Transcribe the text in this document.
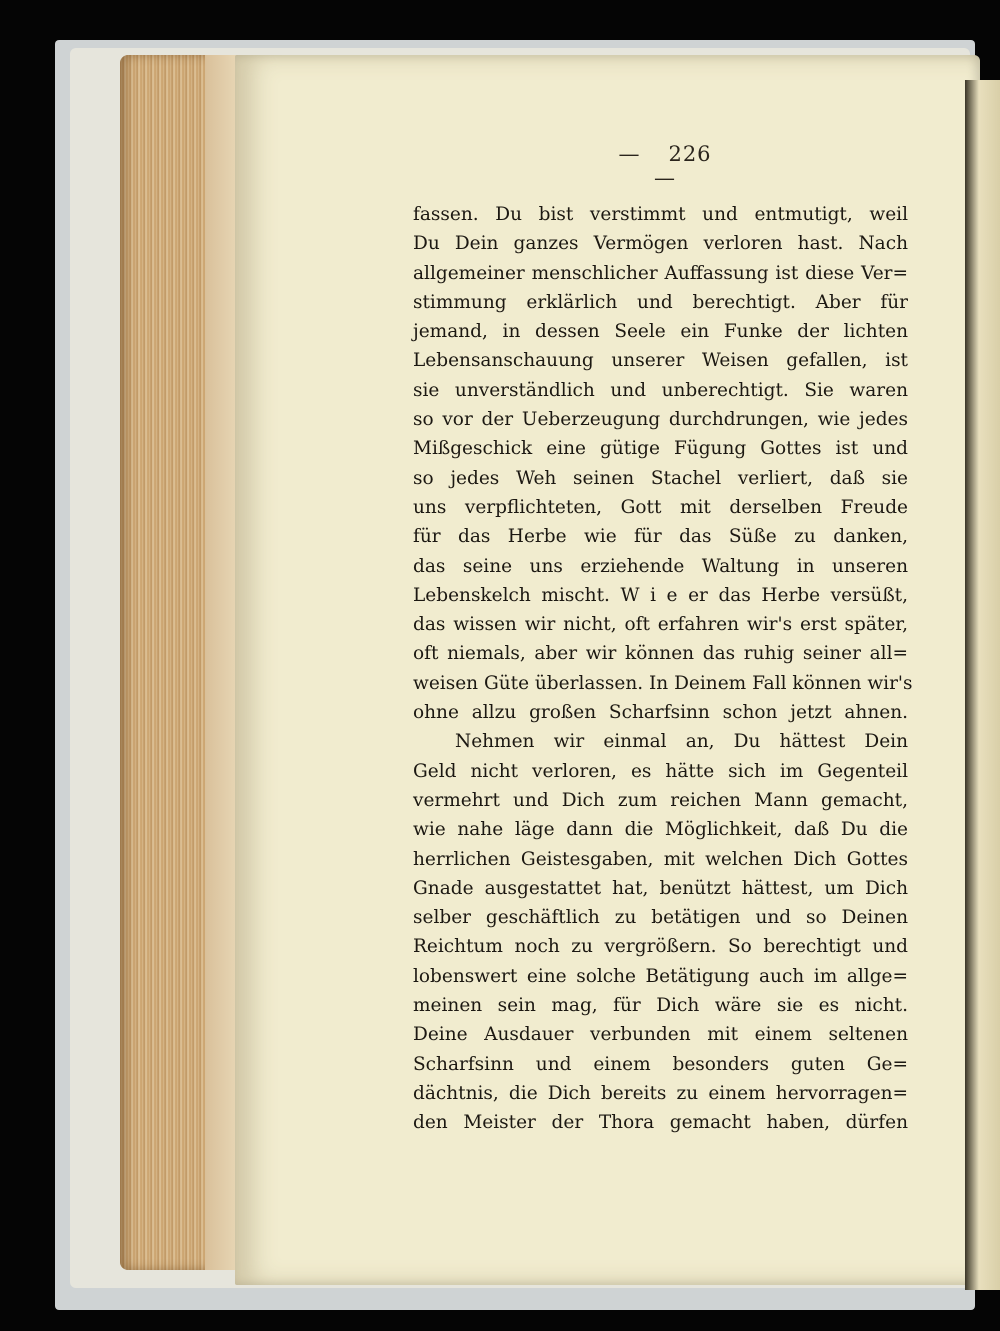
— 226—
fassen. Du bist verstimmt und entmutigt, weil
Du Dein ganzes Vermögen verloren hast. Nach
allgemeiner menschlicher Auffassung ist diese Ver=
stimmung erklärlich und berechtigt. Aber für
jemand, in dessen Seele ein Funke der lichten
Lebensanschauung unserer Weisen gefallen, ist
sie unverständlich und unberechtigt. Sie waren
so vor der Ueberzeugung durchdrungen, wie jedes
Mißgeschick eine gütige Fügung Gottes ist und
so jedes Weh seinen Stachel verliert, daß sie
uns verpflichteten, Gott mit derselben Freude
für das Herbe wie für das Süße zu danken,
das seine uns erziehende Waltung in unseren
Lebenskelch mischt. W i e er das Herbe versüßt,
das wissen wir nicht, oft erfahren wir's erst später,
oft niemals, aber wir können das ruhig seiner all=
weisen Güte überlassen. In Deinem Fall können wir's
ohne allzu großen Scharfsinn schon jetzt ahnen.
Nehmen wir einmal an, Du hättest Dein
Geld nicht verloren, es hätte sich im Gegenteil
vermehrt und Dich zum reichen Mann gemacht,
wie nahe läge dann die Möglichkeit, daß Du die
herrlichen Geistesgaben, mit welchen Dich Gottes
Gnade ausgestattet hat, benützt hättest, um Dich
selber geschäftlich zu betätigen und so Deinen
Reichtum noch zu vergrößern. So berechtigt und
lobenswert eine solche Betätigung auch im allge=
meinen sein mag, für Dich wäre sie es nicht.
Deine Ausdauer verbunden mit einem seltenen
Scharfsinn und einem besonders guten Ge=
dächtnis, die Dich bereits zu einem hervorragen=
den Meister der Thora gemacht haben, dürfen
